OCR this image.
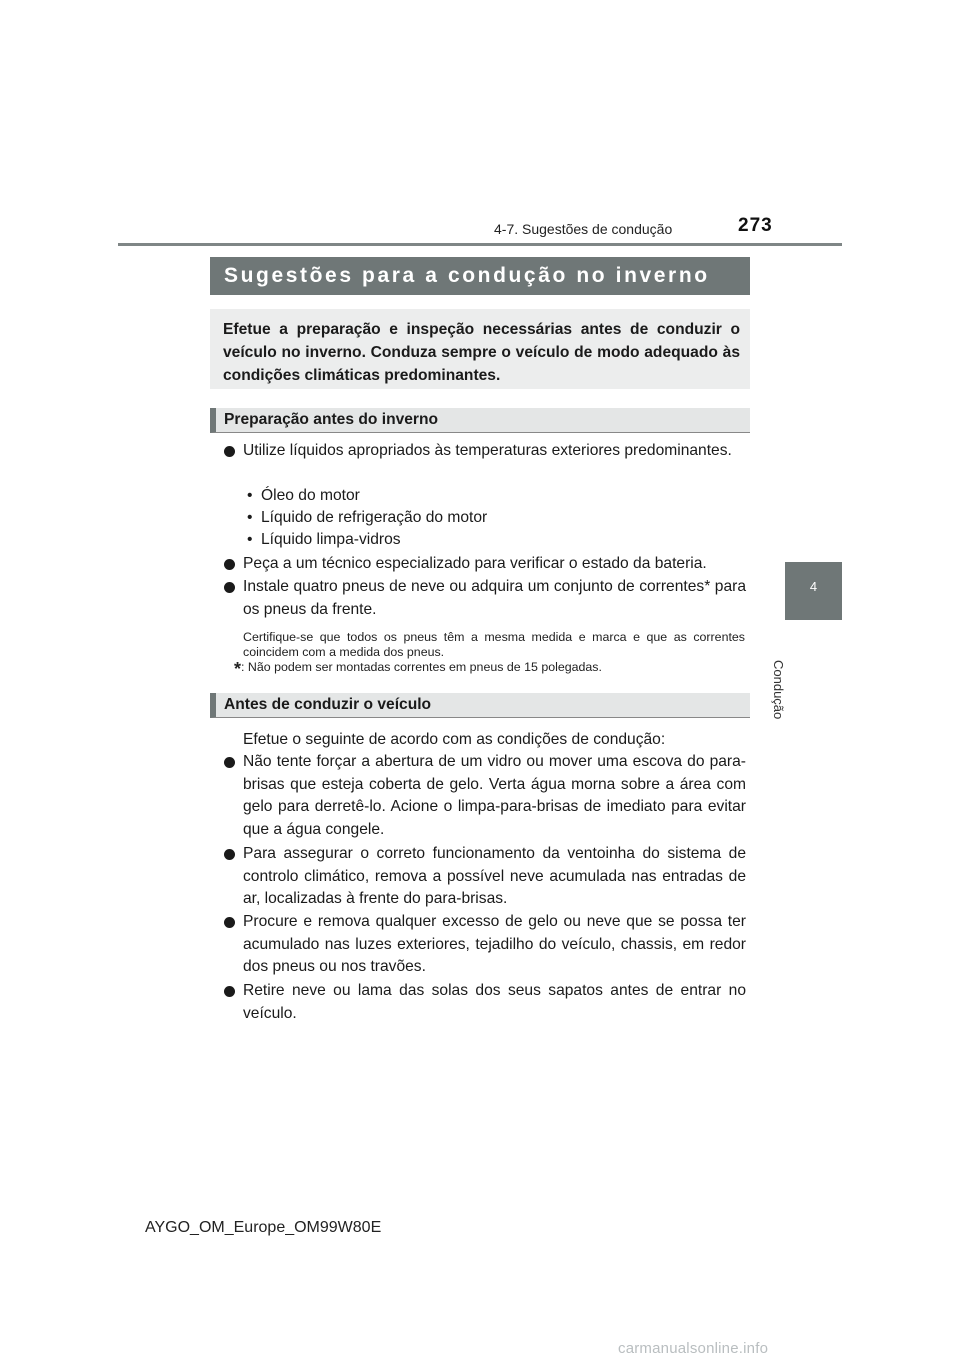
4-7. Sugestões de condução	273
4
Condução
Sugestões para a condução no inverno
Efetue a preparação e inspeção necessárias antes de conduzir o veículo no inverno. Conduza sempre o veículo de modo adequado às condições climáticas predominantes.
Preparação antes do inverno
Utilize líquidos apropriados às temperaturas exteriores predominantes.
• Óleo do motor
• Líquido de refrigeração do motor
• Líquido limpa-vidros
Peça a um técnico especializado para verificar o estado da bateria.
Instale quatro pneus de neve ou adquira um conjunto de correntes* para os pneus da frente.
Certifique-se que todos os pneus têm a mesma medida e marca e que as correntes coincidem com a medida dos pneus.
*: Não podem ser montadas correntes em pneus de 15 polegadas.
Antes de conduzir o veículo
Efetue o seguinte de acordo com as condições de condução:
Não tente forçar a abertura de um vidro ou mover uma escova do para-brisas que esteja coberta de gelo. Verta água morna sobre a área com gelo para derretê-lo. Acione o limpa-para-brisas de imediato para evitar que a água congele.
Para assegurar o correto funcionamento da ventoinha do sistema de controlo climático, remova a possível neve acumulada nas entradas de ar, localizadas à frente do para-brisas.
Procure e remova qualquer excesso de gelo ou neve que se possa ter acumulado nas luzes exteriores, tejadilho do veículo, chassis, em redor dos pneus ou nos travões.
Retire neve ou lama das solas dos seus sapatos antes de entrar no veículo.
AYGO_OM_Europe_OM99W80E
carmanualsonline.info
